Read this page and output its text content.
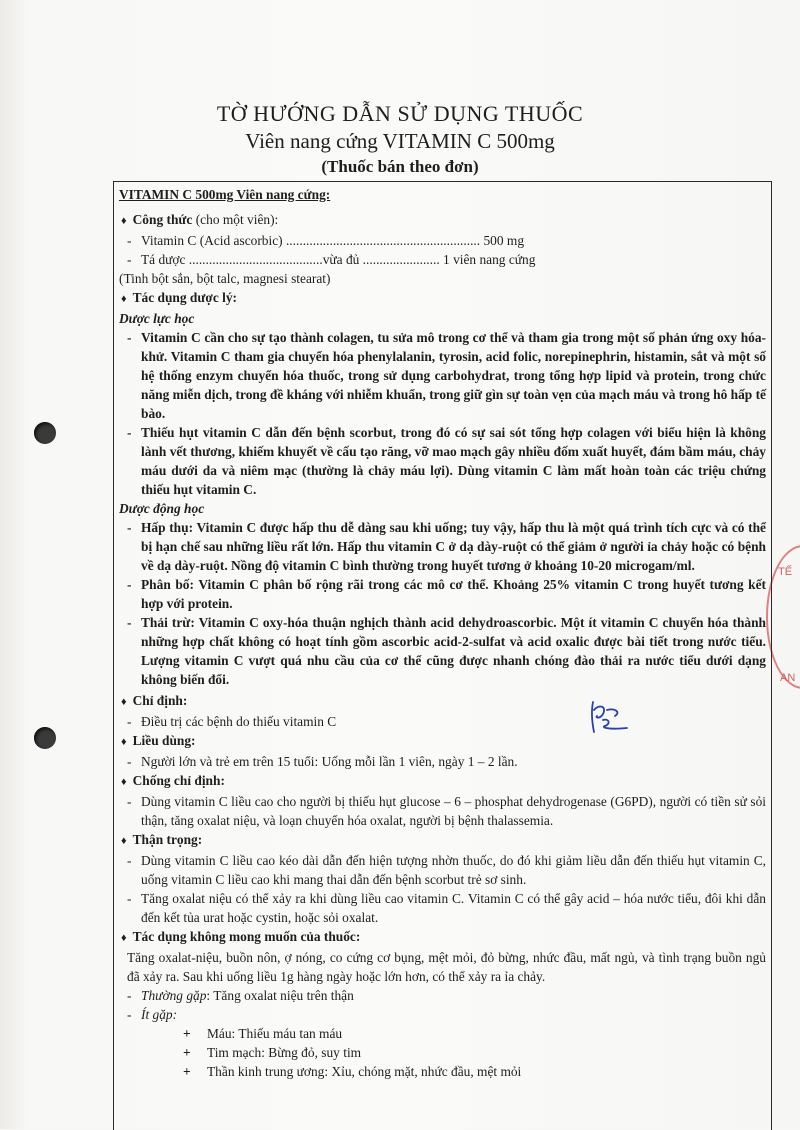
TẾ
AN

TỜ HƯỚNG DẪN SỬ DỤNG THUỐC

Viên nang cứng VITAMIN C 500mg

(Thuốc bán theo đơn)

VITAMIN C 500mg Viên nang cứng:
♦ Công thức (cho một viên):
- Vitamin C (Acid ascorbic) .......................................................... 500 mg
- Tá dược ........................................vừa đủ ....................... 1 viên nang cứng
(Tinh bột sắn, bột talc, magnesi stearat)
♦ Tác dụng dược lý:
Dược lực học
- Vitamin C cần cho sự tạo thành colagen, tu sửa mô trong cơ thể và tham gia trong một số phản ứng oxy hóa-khử. Vitamin C tham gia chuyển hóa phenylalanin, tyrosin, acid folic, norepinephrin, histamin, sắt và một số hệ thống enzym chuyển hóa thuốc, trong sử dụng carbohydrat, trong tổng hợp lipid và protein, trong chức năng miễn dịch, trong đề kháng với nhiễm khuẩn, trong giữ gìn sự toàn vẹn của mạch máu và trong hô hấp tế bào.
- Thiếu hụt vitamin C dẫn đến bệnh scorbut, trong đó có sự sai sót tổng hợp colagen với biểu hiện là không lành vết thương, khiếm khuyết về cấu tạo răng, vỡ mao mạch gây nhiều đốm xuất huyết, đám bầm máu, chảy máu dưới da và niêm mạc (thường là chảy máu lợi). Dùng vitamin C làm mất hoàn toàn các triệu chứng thiếu hụt vitamin C.
Dược động học
- Hấp thụ: Vitamin C được hấp thu dễ dàng sau khi uống; tuy vậy, hấp thu là một quá trình tích cực và có thể bị hạn chế sau những liều rất lớn. Hấp thu vitamin C ở dạ dày-ruột có thể giảm ở người ỉa chảy hoặc có bệnh về dạ dày-ruột. Nồng độ vitamin C bình thường trong huyết tương ở khoảng 10-20 microgam/ml.
- Phân bố: Vitamin C phân bố rộng rãi trong các mô cơ thể. Khoảng 25% vitamin C trong huyết tương kết hợp với protein.
- Thải trừ: Vitamin C oxy-hóa thuận nghịch thành acid dehydroascorbic. Một ít vitamin C chuyển hóa thành những hợp chất không có hoạt tính gồm ascorbic acid-2-sulfat và acid oxalic được bài tiết trong nước tiểu. Lượng vitamin C vượt quá nhu cầu của cơ thể cũng được nhanh chóng đào thải ra nước tiểu dưới dạng không biến đổi.
♦ Chỉ định:
- Điều trị các bệnh do thiếu vitamin C
♦ Liều dùng:
- Người lớn và trẻ em trên 15 tuổi: Uống mỗi lần 1 viên, ngày 1 – 2 lần.
♦ Chống chỉ định:
- Dùng vitamin C liều cao cho người bị thiếu hụt glucose – 6 – phosphat dehydrogenase (G6PD), người có tiền sử sỏi thận, tăng oxalat niệu, và loạn chuyển hóa oxalat, người bị bệnh thalassemia.
♦ Thận trọng:
- Dùng vitamin C liều cao kéo dài dẫn đến hiện tượng nhờn thuốc, do đó khi giảm liều dẫn đến thiếu hụt vitamin C, uống vitamin C liều cao khi mang thai dẫn đến bệnh scorbut trẻ sơ sinh.
- Tăng oxalat niệu có thể xảy ra khi dùng liều cao vitamin C. Vitamin C có thể gây acid – hóa nước tiểu, đôi khi dẫn đến kết tủa urat hoặc cystin, hoặc sỏi oxalat.
♦ Tác dụng không mong muốn của thuốc:
Tăng oxalat-niệu, buồn nôn, ợ nóng, co cứng cơ bụng, mệt mỏi, đỏ bừng, nhức đầu, mất ngủ, và tình trạng buồn ngủ đã xảy ra. Sau khi uống liều 1g hàng ngày hoặc lớn hơn, có thể xảy ra ỉa chảy.
- Thường gặp: Tăng oxalat niệu trên thận
- Ít gặp:
+ Máu: Thiếu máu tan máu
+ Tim mạch: Bừng đỏ, suy tim
+ Thần kinh trung ương: Xỉu, chóng mặt, nhức đầu, mệt mỏi
